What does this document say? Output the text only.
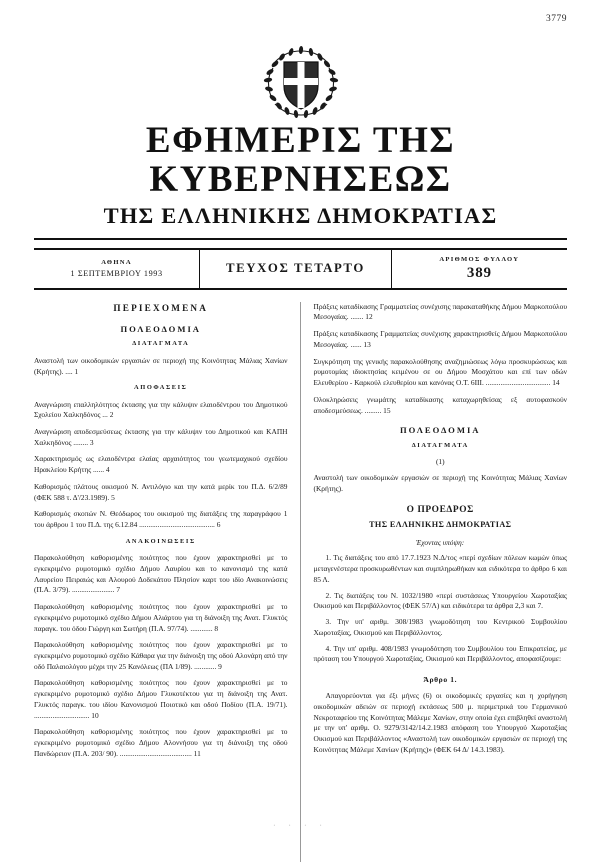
3779
ΕΦΗΜΕΡΙΣ ΤΗΣ ΚΥΒΕΡΝΗΣΕΩΣ
ΤΗΣ ΕΛΛΗΝΙΚΗΣ ΔΗΜΟΚΡΑΤΙΑΣ
ΑΘΗΝΑ
1 ΣΕΠΤΕΜΒΡΙΟΥ 1993	ΤΕΥΧΟΣ ΤΕΤΑΡΤΟ
ΑΡΙΘΜΟΣ ΦΥΛΛΟΥ
389
ΠΕΡΙΕΧΟΜΕΝΑ
ΠΟΛΕΟΔΟΜΙΑ
ΔΙΑΤΑΓΜΑΤΑ
Αναστολή των οικοδομικών εργασιών σε περιοχή της Κοινότητας Μάλιας Χανίων (Κρήτης). .... 1
ΑΠΟΦΑΣΕΙΣ
Αναγνώριση επαλληλότητος έκτασης για την κάλυψιν ελαιοδέντρου του Δημοτικού Σχολείου Χαλκηδόνος ... 2
Αναγνώριση αποδεσμεύσεως έκτασης για την κάλυψιν του Δημοτικού και ΚΑΠΗ Χαλκηδόνος ........ 3
Χαρακτηρισμός ως ελαιοδέντρα ελαίας αρχαιότητος του γεωτεμαχικού σχεδίου Ηρακλείου Κρήτης ...... 4
Καθορισμός πλάτους οικισμού Ν. Αντιλόγιο και την κατά μερίκ του Π.Δ. 6/2/89 (ΦΕΚ 588 τ. Δ'/23.1989). 5
Καθορισμός σκοπών Ν. Θεόδωρος του οικισμού της διατάξεις της παραγράφου 1 του άρθρου 1 του Π.Δ. της 6.12.84 ......................................... 6
ΑΝΑΚΟΙΝΩΣΕΙΣ
Παρακολούθηση καθορισμένης ποιότητος που έχουν χαρακτηρισθεί με το εγκεκριμένο ρυμοτομικό σχέδιο Δήμου Λαυρίου και το κανονισμό της κατά Λαυρείου Πειραιώς και Αλουρού Δοδεκάτου Πλησίον καρτ του ιδίο Ανακοινώσεις (Π.Α. 3/79). ....................... 7
Παρακολούθηση καθορισμένης ποιότητος που έχουν χαρακτηρισθεί με το εγκεκριμένο ρυμοτομικό σχέδιο Δήμου Αλιάρτου για τη διάνοιξη της Ανατ. Γλυκτός παραγκ. του όδου Γιώργη και Σωτήρη (Π.Α. 97/74). ............ 8
Παρακολούθηση καθορισμένης ποιότητος που έχουν χαρακτηρισθεί με το εγκεκριμένο ρυμοτομικό σχέδιο Κάθαρα για την διάνοιξη της οδού Αλονάρη από την οδό Παλαιολόγου μέχρι την 25 Κανόλεως (ΠΑ 1/89). ............ 9
Παρακολούθηση καθορισμένης ποιότητος που έχουν χαρακτηρισθεί με το εγκεκριμένο ρυμοτομικό σχέδιο Δήμου Γλυκοτέκτου για τη διάνοιξη της Ανατ. Γλυκτός παραγκ. του ιδίου Κανονισμού Ποιοτικό και οδού Ποδίου (Π.Α. 19/71). .............................. 10
Παρακολούθηση καθορισμένης ποιότητος που έχουν χαρακτηρισθεί με το εγκεκριμένο ρυμοτομικό σχέδιο Δήμου Αλοννήσου για τη διάνοιξη της οδού Πανδώρειον (Π.Α. 203/ 90). ....................................... 11
Πράξεις καταδίκασης Γραμματείας συνέχισης παρακαταθήκης Δήμου Μαρκοπούλου Μεσογαίας. ....... 12
Πράξεις καταδίκασης Γραμματείας συνέχισης χαρακτηρισθείς Δήμου Μαρκοπούλου Μεσογαίας. ...... 13
Συγκρότηση της γενικής παρακολούθησης αναζημιώσεως λόγω προσκυρώσεως και ρυμοτομίας ιδιοκτησίας κειμένου σε ου Δήμου Μοσχάτου και επί των οδών Ελευθερίου - Καρκούλ ελευθερίου και κανόνας Ο.Τ. 6ΙΙΙ. ................................... 14
Ολοκληρώσεις γνωμάτης καταδίκασης καταχωρηθείσας εξ αυτοφασκούν αποδεσμεύσεως. ......... 15
ΠΟΛΕΟΔΟΜΙΑ
ΔΙΑΤΑΓΜΑΤΑ
(1)
Αναστολή των οικοδομικών εργασιών σε περιοχή της Κοινότητας Μάλιας Χανίων (Κρήτης).
Ο ΠΡΟΕΔΡΟΣ
ΤΗΣ ΕΛΛΗΝΙΚΗΣ ΔΗΜΟΚΡΑΤΙΑΣ
Έχοντας υπόψη:
1. Τις διατάξεις του από 17.7.1923 Ν.Δ/τος «περί σχεδίων πόλεων κωμών όπως μεταγενέστερα προσκυρωθέντων και συμπληρωθήκαν και ειδικότερα το άρθρο 6 και 85 Λ.
2. Τις διατάξεις του Ν. 1032/1980 «περί συστάσεως Υπουργείου Χωροταξίας Οικισμού και Περιβάλλοντος (ΦΕΚ 57/Λ) και ειδικότερα τα άρθρα 2,3 και 7.
3. Την υπ' αριθμ. 308/1983 γνωμοδότηση του Κεντρικού Συμβουλίου Χωροταξίας, Οικισμού και Περιβάλλοντος.
4. Την υπ' αριθμ. 408/1983 γνωμοδότηση του Συμβουλίου του Επικρατείας, με πρόταση του Υπουργού Χωροταξίας, Οικισμού και Περιβάλλοντος, αποφασίζουμε:
Άρθρο 1.
Απαγορεύονται για έξι μήνες (6) οι οικοδομικές εργασίες και η χορήγηση οικοδομικών αδειών σε περιοχή εκτάσεως 500 μ. περιμετρικά του Γερμανικού Νεκροταφείου της Κοινότητας Μάλεμε Χανίων, στην οποία έχει επιβληθεί αναστολή με την υπ' αριθμ. Ο. 9279/3142/14.2.1983 απόφαση του Υπουργού Χωροταξίας Οικισμού και Περιβάλλοντος «Αναστολή των οικοδομικών εργασιών σε περιοχή της Κοινότητας Μάλεμε Χανίων (Κρήτης)» (ΦΕΚ 64 Δ/ 14.3.1983).
· · · ·
